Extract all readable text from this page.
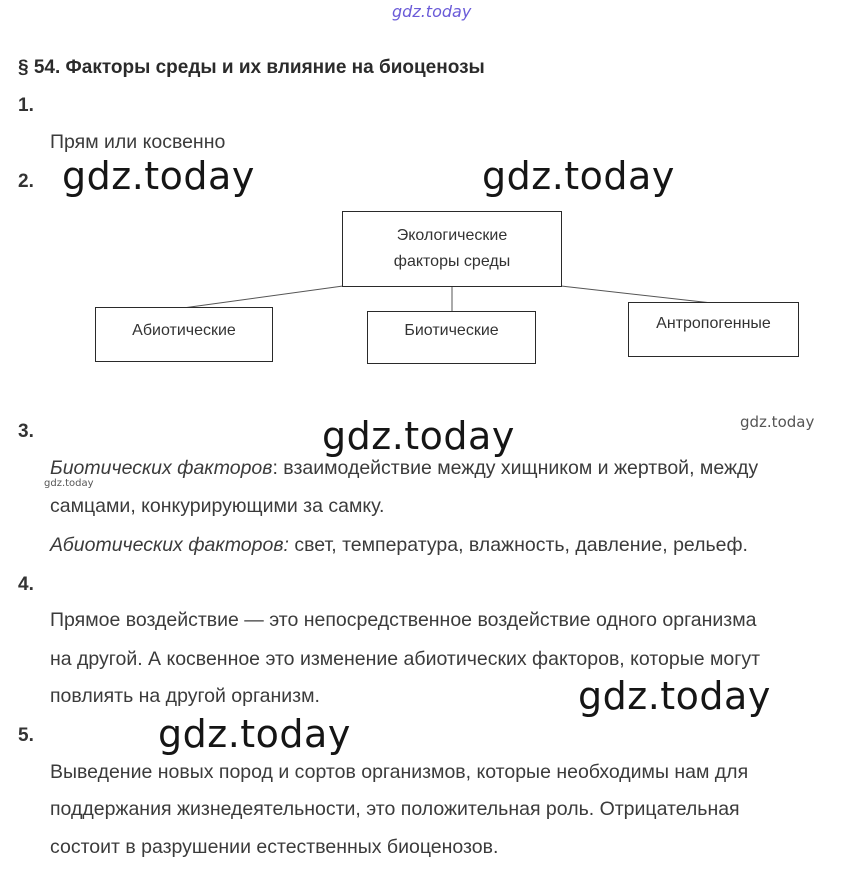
gdz.today
gdz.today	gdz.today
gdz.today	gdz.today
gdz.today
gdz.today
gdz.today
§ 54. Факторы среды и их влияние на биоценозы
1.
Прям или косвенно
2.
Экологические
факторы среды
Абиотические	Биотические	Антропогенные
3.
Биотических факторов: взаимодействие между хищником и жертвой, между
самцами, конкурирующими за самку.
Абиотических факторов: свет, температура, влажность, давление, рельеф.
4.
Прямое воздействие — это непосредственное воздействие одного организма
на другой. А косвенное это изменение абиотических факторов, которые могут
повлиять на другой организм.
5.
Выведение новых пород и сортов организмов, которые необходимы нам для
поддержания жизнедеятельности, это положительная роль. Отрицательная
состоит в разрушении естественных биоценозов.
